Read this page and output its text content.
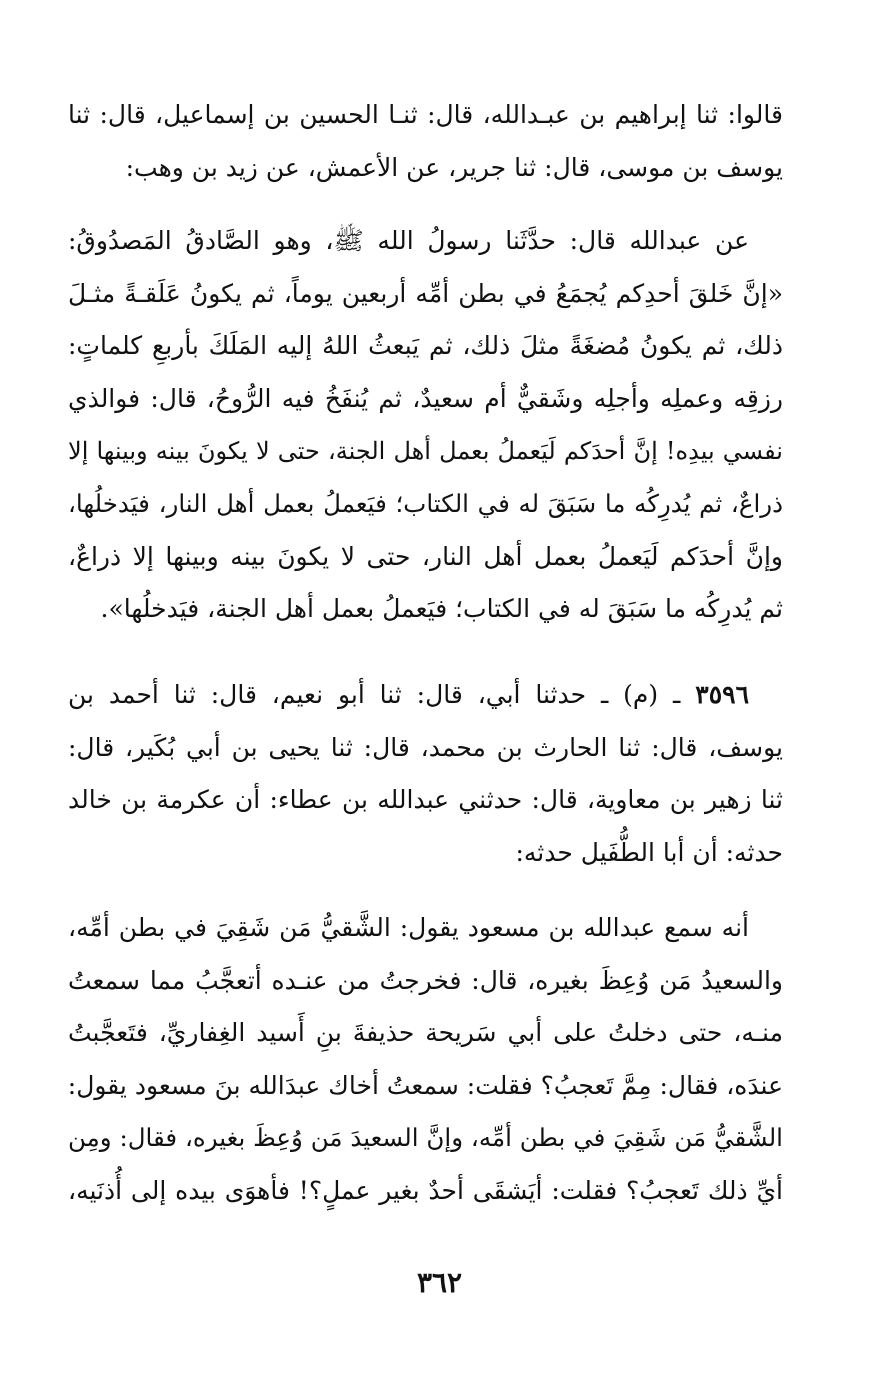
قالوا: ثنا إبراهيم بن عبـدالله، قال: ثنـا الحسين بن إسماعيل، قال: ثنا
يوسف بن موسى، قال: ثنا جرير، عن الأعمش، عن زيد بن وهب:
عن عبدالله قال: حدَّثَنا رسولُ الله ﷺ، وهو الصَّادقُ المَصدُوقُ:
«إنَّ خَلقَ أحدِكم يُجمَعُ في بطن أمِّه أربعين يوماً، ثم يكونُ عَلَقـةً مثـلَ
ذلك، ثم يكونُ مُضغَةً مثلَ ذلك، ثم يَبعثُ اللهُ إليه المَلَكَ بأربعِ كلماتٍ:
رزقِه وعملِه وأجلِه وشَقيٌّ أم سعيدٌ، ثم يُنفَخُ فيه الرُّوحُ، قال: فوالذي
نفسي بيدِه! إنَّ أحدَكم لَيَعملُ بعمل أهل الجنة، حتى لا يكونَ بينه وبينها إلا
ذراعٌ، ثم يُدرِكُه ما سَبَقَ له في الكتاب؛ فيَعملُ بعمل أهل النار، فيَدخلُها،
وإنَّ أحدَكم لَيَعملُ بعمل أهل النار، حتى لا يكونَ بينه وبينها إلا ذراعٌ،
ثم يُدرِكُه ما سَبَقَ له في الكتاب؛ فيَعملُ بعمل أهل الجنة، فيَدخلُها».
٣٥٩٦ ـ (م) ـ حدثنا أبي، قال: ثنا أبو نعيم، قال: ثنا أحمد بن
يوسف، قال: ثنا الحارث بن محمد، قال: ثنا يحيى بن أبي بُكَير، قال:
ثنا زهير بن معاوية، قال: حدثني عبدالله بن عطاء: أن عكرمة بن خالد
حدثه: أن أبا الطُّفَيل حدثه:
أنه سمع عبدالله بن مسعود يقول: الشَّقيُّ مَن شَقِيَ في بطن أمِّه،
والسعيدُ مَن وُعِظَ بغيره، قال: فخرجتُ من عنـده أتعجَّبُ مما سمعتُ
منـه، حتى دخلتُ على أبي سَريحة حذيفةَ بنِ أَسيد الغِفاريِّ، فتَعجَّبتُ
عندَه، فقال: مِمَّ تَعجبُ؟ فقلت: سمعتُ أخاك عبدَالله بنَ مسعود يقول:
الشَّقيُّ مَن شَقِيَ في بطن أمِّه، وإنَّ السعيدَ مَن وُعِظَ بغيره، فقال: ومِن
أيِّ ذلك تَعجبُ؟ فقلت: أيَشقَى أحدٌ بغير عملٍ؟! فأهوَى بيده إلى أُذنَيه،
٣٦٢
